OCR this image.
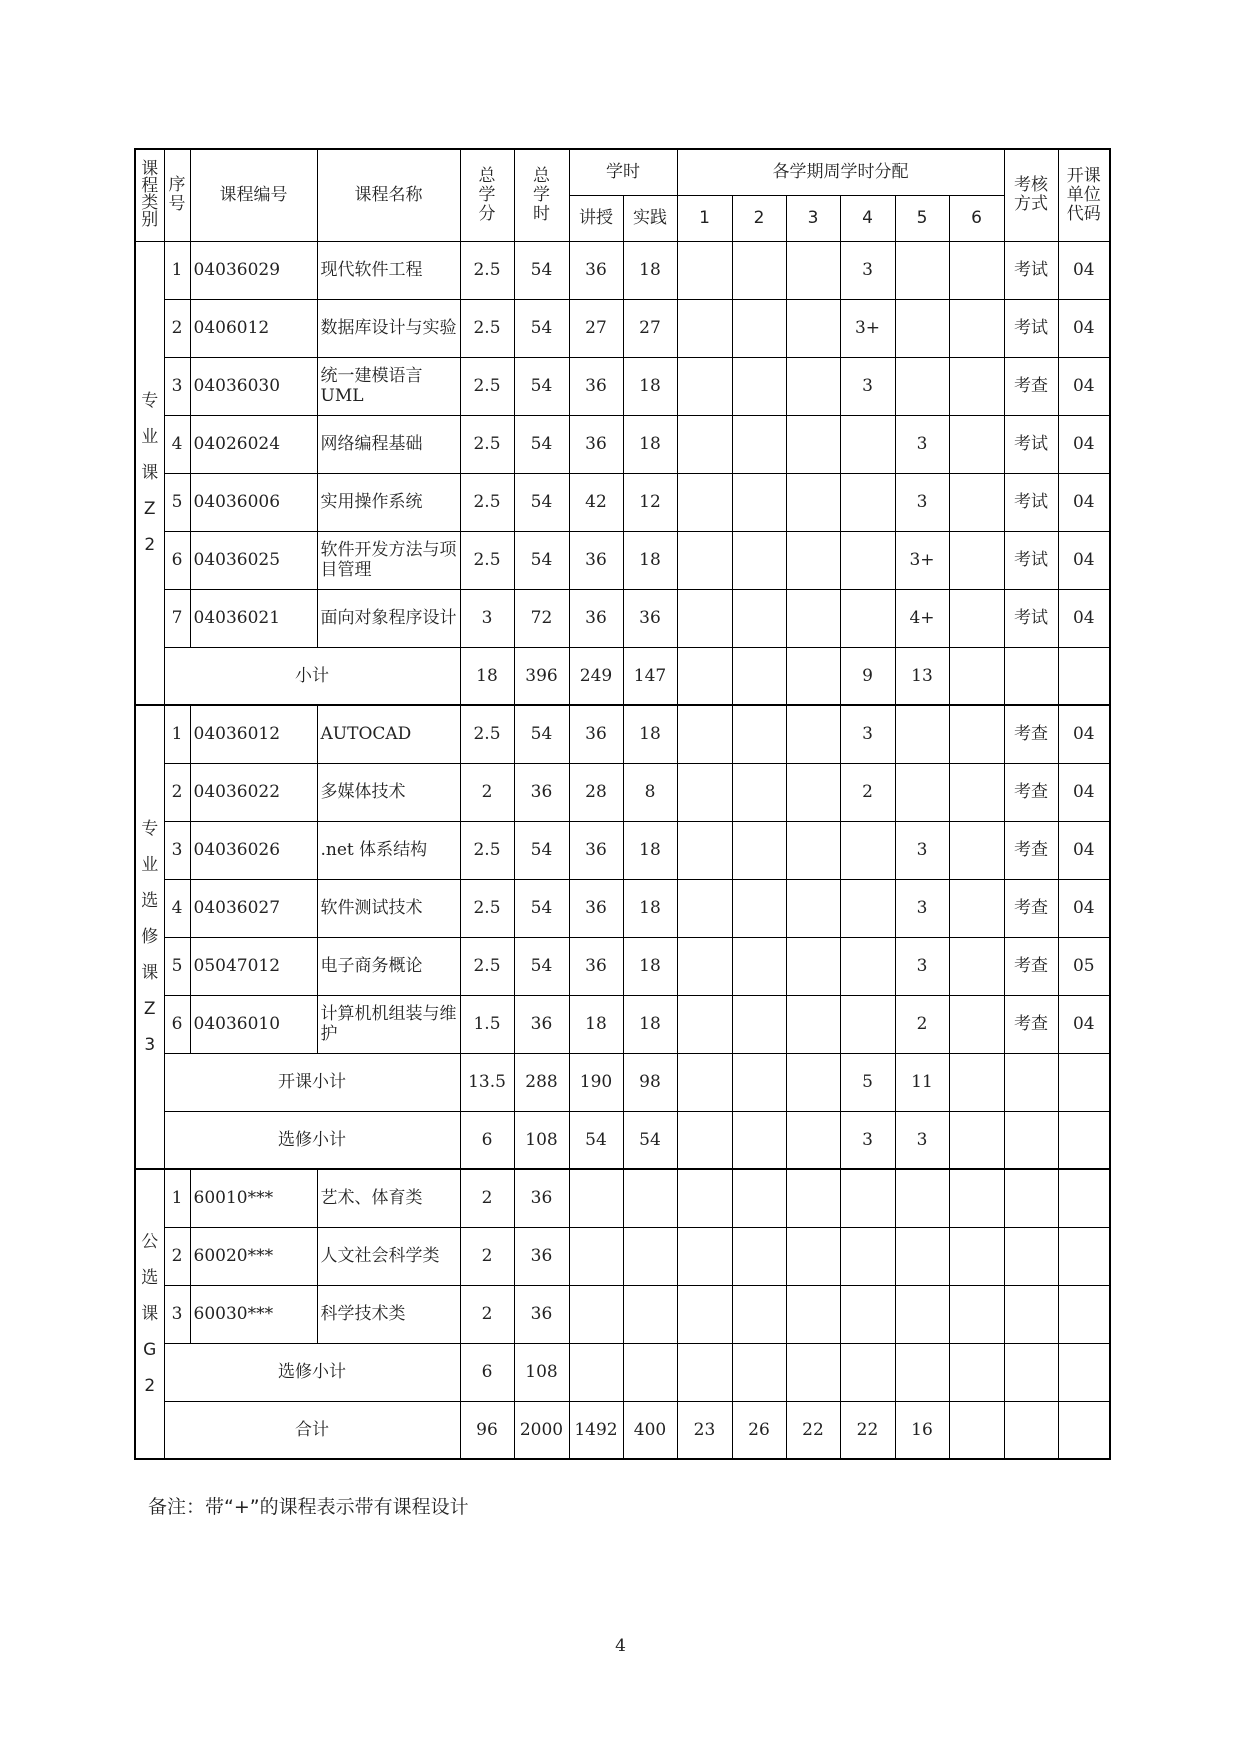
课程类别	序号	课程编号	课程名称	总学分	总学时	学时		各学期周学时分配						考核方式	开课单位代码
						讲授	实践	1	2	3	4	5	6		
专业课Z2	1	04036029	现代软件工程	2.5	54	36	18				3			考试	04
	2	0406012	数据库设计与实验	2.5	54	27	27				3+			考试	04
	3	04036030	统一建模语言UML	2.5	54	36	18				3			考查	04
	4	04026024	网络编程基础	2.5	54	36	18					3		考试	04
	5	04036006	实用操作系统	2.5	54	42	12					3		考试	04
	6	04036025	软件开发方法与项目管理	2.5	54	36	18					3+		考试	04
	7	04036021	面向对象程序设计	3	72	36	36					4+		考试	04
	小计			18	396	249	147				9	13			
专业选修课Z3	1	04036012	AUTOCAD	2.5	54	36	18				3			考查	04
	2	04036022	多媒体技术	2	36	28	8				2			考查	04
	3	04036026	.net 体系结构	2.5	54	36	18					3		考查	04
	4	04036027	软件测试技术	2.5	54	36	18					3		考查	04
	5	05047012	电子商务概论	2.5	54	36	18					3		考查	05
	6	04036010	计算机机组装与维护	1.5	36	18	18					2		考查	04
	开课小计			13.5	288	190	98				5	11			
	选修小计			6	108	54	54				3	3			
公选课G2	1	60010***	艺术、体育类	2	36										
	2	60020***	人文社会科学类	2	36										
	3	60030***	科学技术类	2	36										
	选修小计			6	108										
	合计			96	2000	1492	400	23	26	22	22	16			
备注：带“+”的课程表示带有课程设计
4
